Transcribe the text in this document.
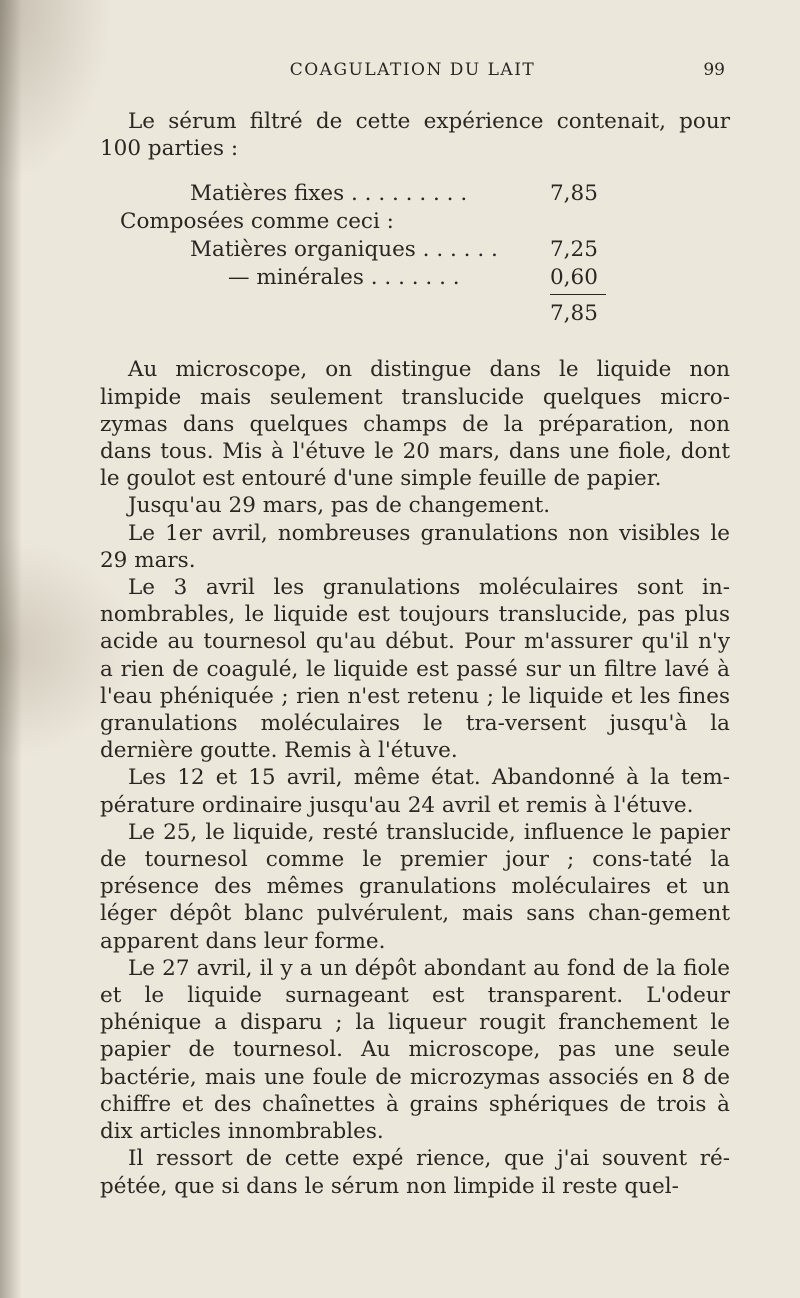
COAGULATION DU LAIT	99

Le sérum filtré de cette expérience contenait, pour 100 parties :

Matières fixes . . . . . . . . .	7,85
Composées comme ceci :
Matières organiques . . . . . . 7,25
— minérales . . . . . . .	0,60
7,85

Au microscope, on distingue dans le liquide non limpide mais seulement translucide quelques micro-zymas dans quelques champs de la préparation, non dans tous. Mis à l'étuve le 20 mars, dans une fiole, dont le goulot est entouré d'une simple feuille de papier.

Jusqu'au 29 mars, pas de changement.

Le 1er avril, nombreuses granulations non visibles le 29 mars.

Le 3 avril les granulations moléculaires sont in-nombrables, le liquide est toujours translucide, pas plus acide au tournesol qu'au début. Pour m'assurer qu'il n'y a rien de coagulé, le liquide est passé sur un filtre lavé à l'eau phéniquée ; rien n'est retenu ; le liquide et les fines granulations moléculaires le tra-versent jusqu'à la dernière goutte. Remis à l'étuve.

Les 12 et 15 avril, même état. Abandonné à la tem-pérature ordinaire jusqu'au 24 avril et remis à l'étuve.

Le 25, le liquide, resté translucide, influence le papier de tournesol comme le premier jour ; cons-taté la présence des mêmes granulations moléculaires et un léger dépôt blanc pulvérulent, mais sans chan-gement apparent dans leur forme.

Le 27 avril, il y a un dépôt abondant au fond de la fiole et le liquide surnageant est transparent. L'odeur phénique a disparu ; la liqueur rougit franchement le papier de tournesol. Au microscope, pas une seule bactérie, mais une foule de microzymas associés en 8 de chiffre et des chaînettes à grains sphériques de trois à dix articles innombrables.

Il ressort de cette expé rience, que j'ai souvent ré-pétée, que si dans le sérum non limpide il reste quel-
